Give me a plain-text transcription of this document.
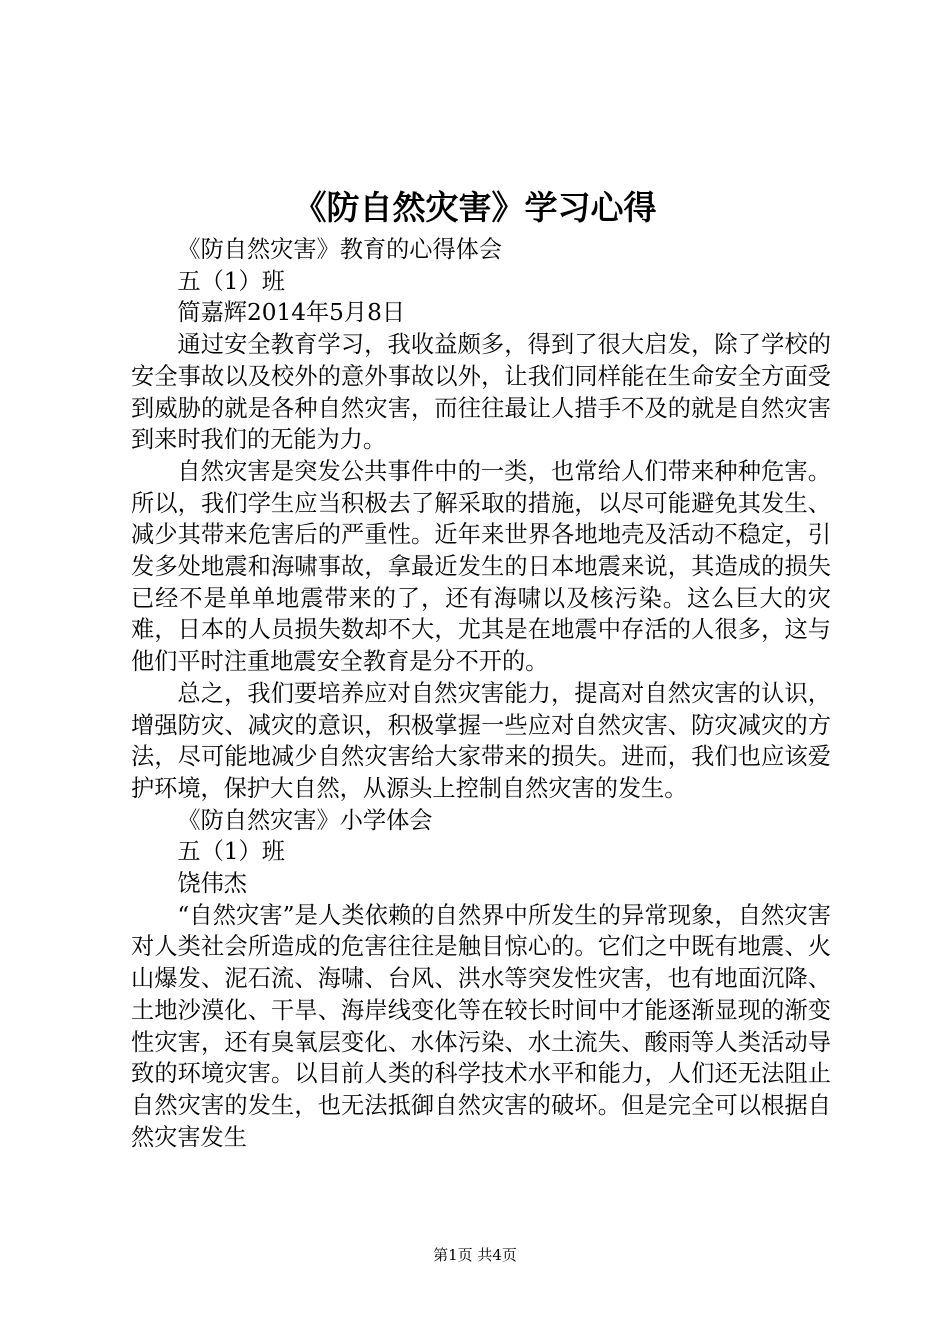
《防自然灾害》学习心得

《防自然灾害》教育的心得体会

五（1）班

简嘉辉2014年5月8日

通过安全教育学习，我收益颇多，得到了很大启发，除了学校的安全事故以及校外的意外事故以外，让我们同样能在生命安全方面受到威胁的就是各种自然灾害，而往往最让人措手不及的就是自然灾害到来时我们的无能为力。

自然灾害是突发公共事件中的一类，也常给人们带来种种危害。所以，我们学生应当积极去了解采取的措施，以尽可能避免其发生、减少其带来危害后的严重性。近年来世界各地地壳及活动不稳定，引发多处地震和海啸事故，拿最近发生的日本地震来说，其造成的损失已经不是单单地震带来的了，还有海啸以及核污染。这么巨大的灾难，日本的人员损失数却不大，尤其是在地震中存活的人很多，这与他们平时注重地震安全教育是分不开的。

总之，我们要培养应对自然灾害能力，提高对自然灾害的认识，增强防灾、减灾的意识，积极掌握一些应对自然灾害、防灾减灾的方法，尽可能地减少自然灾害给大家带来的损失。进而，我们也应该爱护环境，保护大自然，从源头上控制自然灾害的发生。

《防自然灾害》小学体会

五（1）班

饶伟杰

“自然灾害”是人类依赖的自然界中所发生的异常现象，自然灾害对人类社会所造成的危害往往是触目惊心的。它们之中既有地震、火山爆发、泥石流、海啸、台风、洪水等突发性灾害，也有地面沉降、土地沙漠化、干旱、海岸线变化等在较长时间中才能逐渐显现的渐变性灾害，还有臭氧层变化、水体污染、水土流失、酸雨等人类活动导致的环境灾害。以目前人类的科学技术水平和能力，人们还无法阻止自然灾害的发生，也无法抵御自然灾害的破坏。但是完全可以根据自然灾害发生

第1页 共4页
